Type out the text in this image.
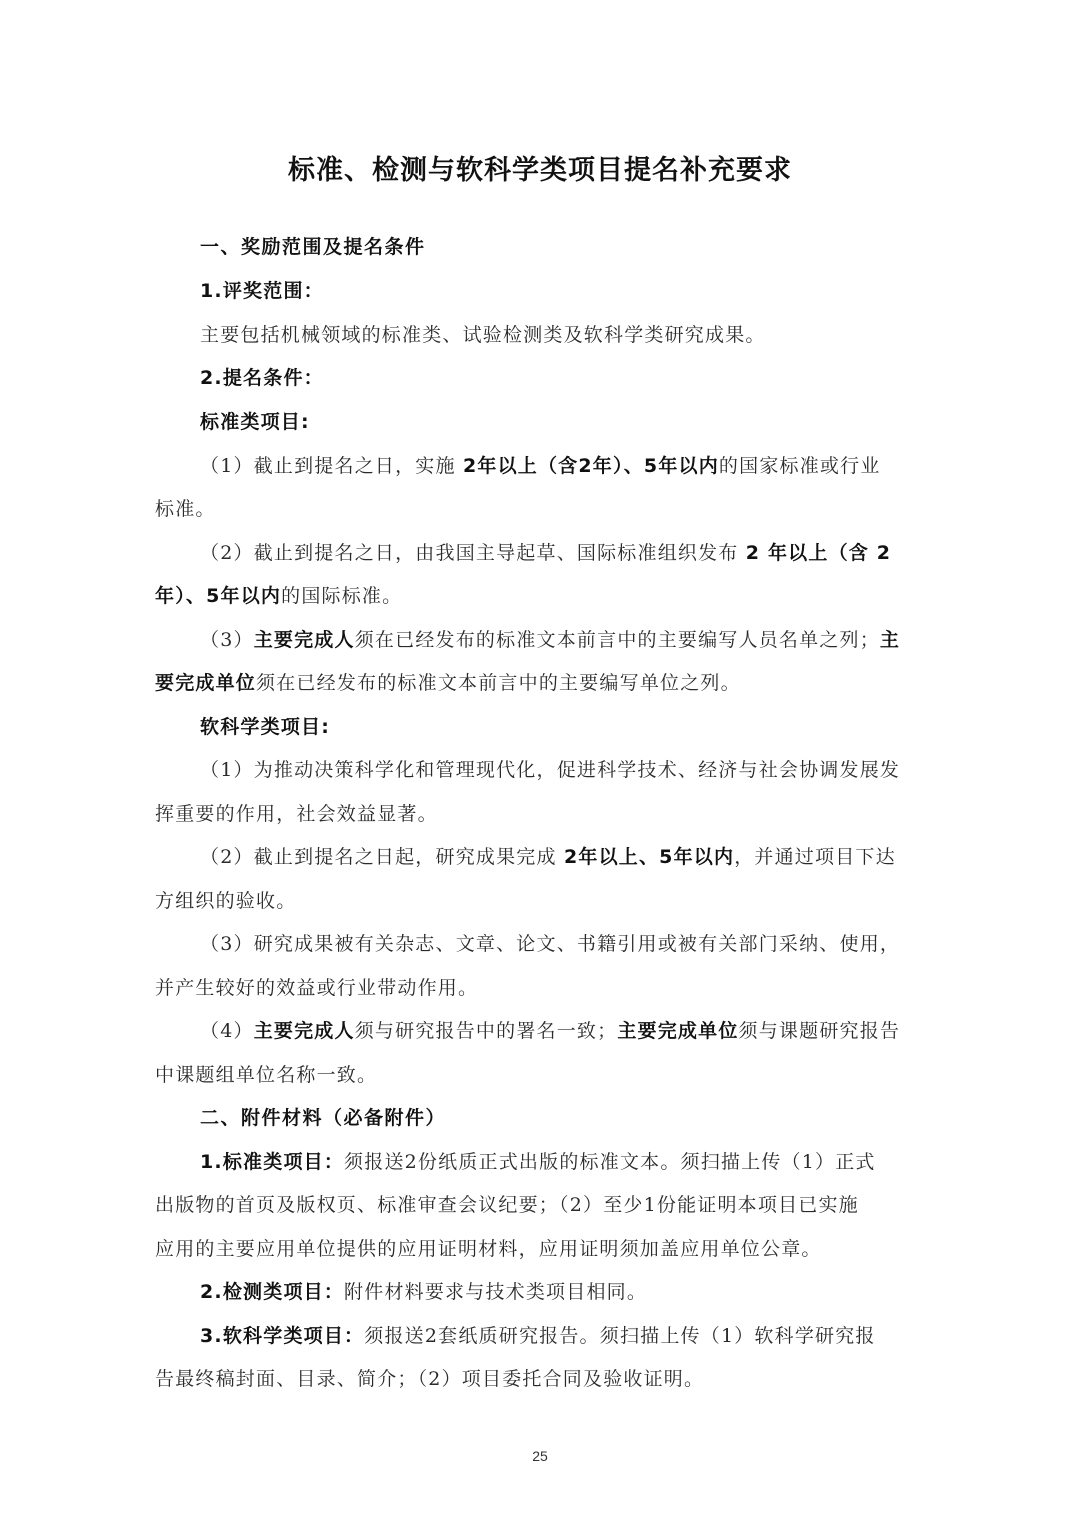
标准、检测与软科学类项目提名补充要求
一、奖励范围及提名条件
1.评奖范围：
主要包括机械领域的标准类、试验检测类及软科学类研究成果。
2.提名条件：
标准类项目:
（1）截止到提名之日，实施 2年以上（含2年）、5年以内的国家标准或行业
标准。
（2）截止到提名之日，由我国主导起草、国际标准组织发布 2 年以上（含 2
年）、5年以内的国际标准。
（3）主要完成人须在已经发布的标准文本前言中的主要编写人员名单之列；主
要完成单位须在已经发布的标准文本前言中的主要编写单位之列。
软科学类项目:
（1）为推动决策科学化和管理现代化，促进科学技术、经济与社会协调发展发
挥重要的作用，社会效益显著。
（2）截止到提名之日起，研究成果完成 2年以上、5年以内，并通过项目下达
方组织的验收。
（3）研究成果被有关杂志、文章、论文、书籍引用或被有关部门采纳、使用，
并产生较好的效益或行业带动作用。
（4）主要完成人须与研究报告中的署名一致；主要完成单位须与课题研究报告
中课题组单位名称一致。
二、附件材料（必备附件）
1.标准类项目：须报送2份纸质正式出版的标准文本。须扫描上传（1）正式
出版物的首页及版权页、标准审查会议纪要；（2）至少1份能证明本项目已实施
应用的主要应用单位提供的应用证明材料，应用证明须加盖应用单位公章。
2.检测类项目：附件材料要求与技术类项目相同。
3.软科学类项目：须报送2套纸质研究报告。须扫描上传（1）软科学研究报
告最终稿封面、目录、简介；（2）项目委托合同及验收证明。
25
